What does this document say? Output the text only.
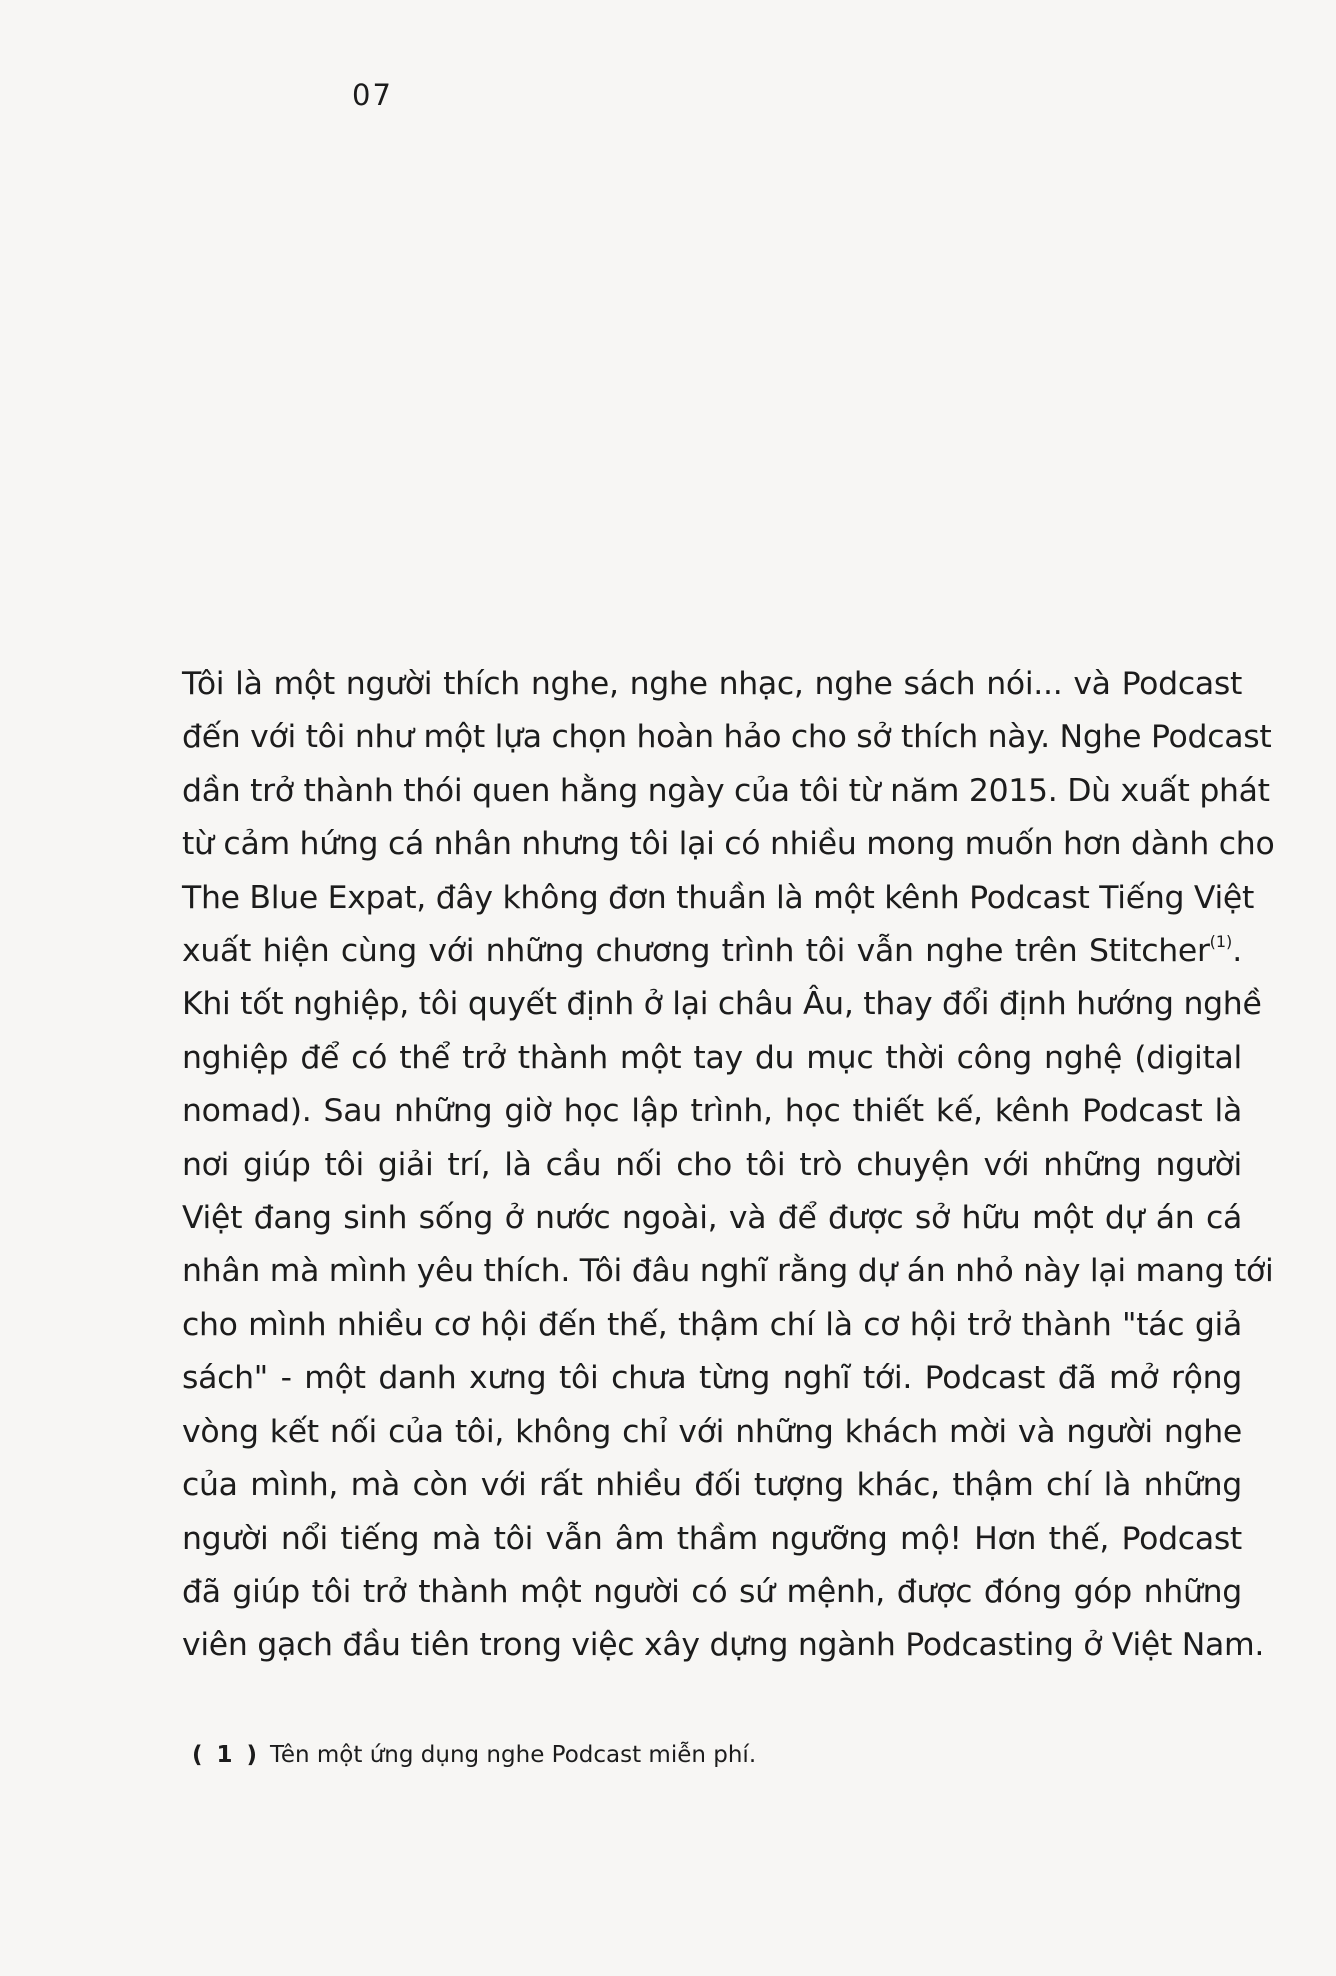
07
Tôi là một người thích nghe, nghe nhạc, nghe sách nói... và Podcast
đến với tôi như một lựa chọn hoàn hảo cho sở thích này. Nghe Podcast
dần trở thành thói quen hằng ngày của tôi từ năm 2015. Dù xuất phát
từ cảm hứng cá nhân nhưng tôi lại có nhiều mong muốn hơn dành cho
The Blue Expat, đây không đơn thuần là một kênh Podcast Tiếng Việt
xuất hiện cùng với những chương trình tôi vẫn nghe trên Stitcher$^{(1)}$.
Khi tốt nghiệp, tôi quyết định ở lại châu Âu, thay đổi định hướng nghề
nghiệp để có thể trở thành một tay du mục thời công nghệ (digital
nomad). Sau những giờ học lập trình, học thiết kế, kênh Podcast là
nơi giúp tôi giải trí, là cầu nối cho tôi trò chuyện với những người
Việt đang sinh sống ở nước ngoài, và để được sở hữu một dự án cá
nhân mà mình yêu thích. Tôi đâu nghĩ rằng dự án nhỏ này lại mang tới
cho mình nhiều cơ hội đến thế, thậm chí là cơ hội trở thành "tác giả
sách" - một danh xưng tôi chưa từng nghĩ tới. Podcast đã mở rộng
vòng kết nối của tôi, không chỉ với những khách mời và người nghe
của mình, mà còn với rất nhiều đối tượng khác, thậm chí là những
người nổi tiếng mà tôi vẫn âm thầm ngưỡng mộ! Hơn thế, Podcast
đã giúp tôi trở thành một người có sứ mệnh, được đóng góp những
viên gạch đầu tiên trong việc xây dựng ngành Podcasting ở Việt Nam.
( 1 ) Tên một ứng dụng nghe Podcast miễn phí.
